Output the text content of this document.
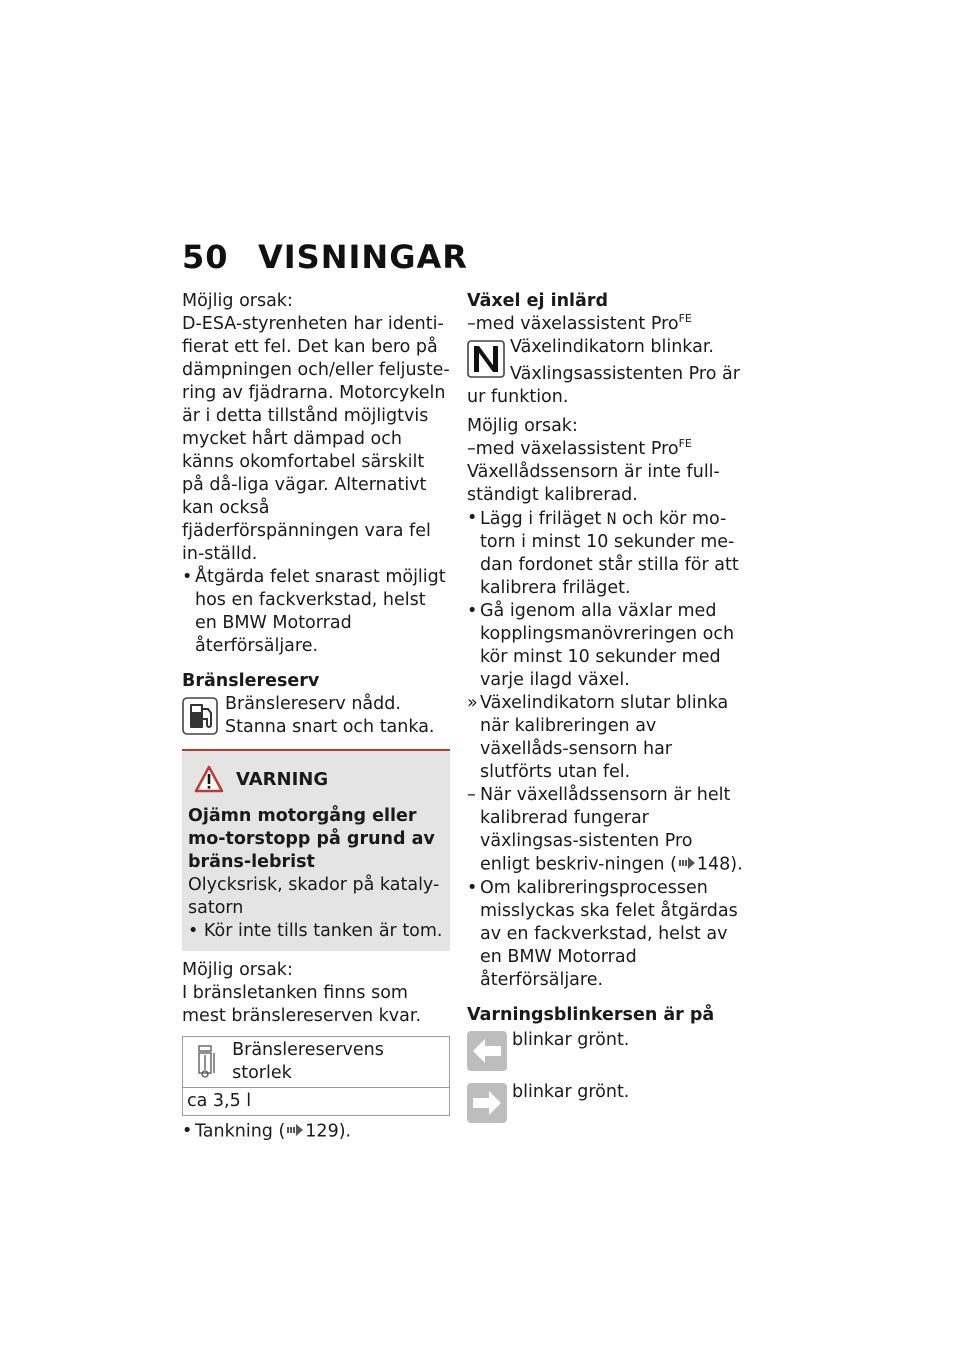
50 VISNINGAR

Möjlig orsak:

D-ESA-styrenheten har identi-fierat ett fel. Det kan bero på dämpningen och/eller feljuste-ring av fjädrarna. Motorcykeln är i detta tillstånd möjligtvis mycket hårt dämpad och känns okomfortabel särskilt på då-liga vägar. Alternativt kan också fjäderförspänningen vara fel in-ställd.

• Åtgärda felet snarast möjligt hos en fackverkstad, helst en BMW Motorrad återförsäljare.

Bränslereserv

Bränslereserv nådd.

Stanna snart och tanka.

VARNING

Ojämn motorgång eller mo-torstopp på grund av bräns-lebrist

Olycksrisk, skador på kataly-satorn

• Kör inte tills tanken är tom.

Möjlig orsak:

I bränsletanken finns som mest bränslereserven kvar.

Bränslereservens storlek
ca 3,5 l
• Tankning ( 129).

Växel ej inlärd

–med växelassistent Pro$^{FE}$

Växelindikatorn blinkar.

Växlingsassistenten Pro är ur funktion.

Möjlig orsak:

–med växelassistent Pro$^{FE}$

Växellådssensorn är inte full-ständigt kalibrerad.

• Lägg i friläget N och kör mo-torn i minst 10 sekunder me-dan fordonet står stilla för att kalibrera friläget.
• Gå igenom alla växlar med kopplingsmanövreringen och kör minst 10 sekunder med varje ilagd växel.
» Växelindikatorn slutar blinka när kalibreringen av växellåds-sensorn har slutförts utan fel.
– När växellådssensorn är helt kalibrerad fungerar växlingsas-sistenten Pro enligt beskriv-ningen ( 148).
• Om kalibreringsprocessen misslyckas ska felet åtgärdas av en fackverkstad, helst av en BMW Motorrad återförsäljare.

Varningsblinkersen är på

blinkar grönt.

blinkar grönt.
